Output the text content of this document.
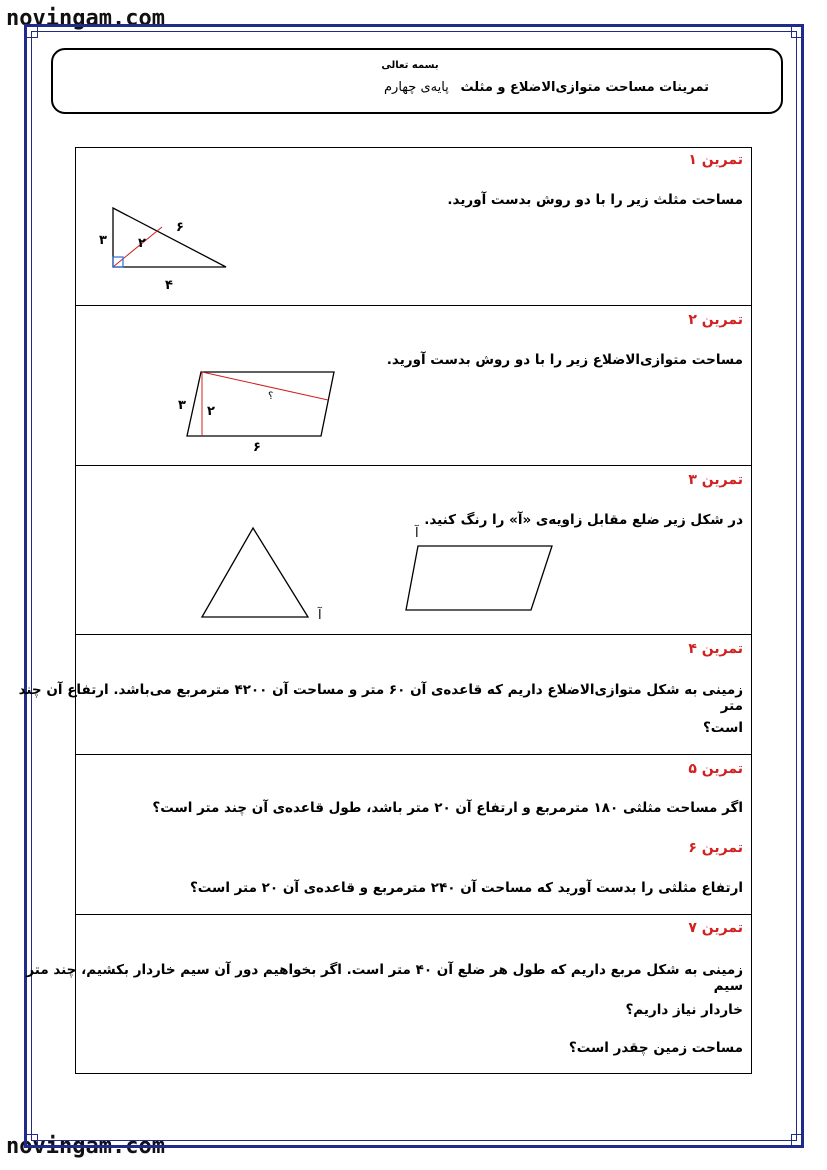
novingam.com
novingam.com
بسمه تعالی
تمرینات مساحت متوازی‌الاضلاع و مثلث
پایه‌ی چهارم
تمرین ۱
مساحت مثلث زیر را با دو روش بدست آورید.
۳
۶
۲
۴
تمرین ۲
مساحت متوازی‌الاضلاع زیر را با دو روش بدست آورید.
۳ ۲
؟
۶
تمرین ۳
در شکل زیر ضلع مقابل زاویه‌ی «آ» را رنگ کنید.
آ
آ
تمرین ۴
زمینی به شکل متوازی‌الاضلاع داریم که قاعده‌ی آن ۶۰ متر و مساحت آن ۴۲۰۰ مترمربع می‌باشد. ارتفاع آن چند متر
است؟
تمرین ۵
اگر مساحت مثلثی ۱۸۰ مترمربع و ارتفاع آن ۲۰ متر باشد، طول قاعده‌ی آن چند متر است؟
تمرین ۶
ارتفاع مثلثی را بدست آورید که مساحت آن ۲۴۰ مترمربع و قاعده‌ی آن ۲۰ متر است؟
تمرین ۷
زمینی به شکل مربع داریم که طول هر ضلع آن ۴۰ متر است. اگر بخواهیم دور آن سیم خاردار بکشیم، چند متر سیم
خاردار نیاز داریم؟
مساحت زمین چقدر است؟
